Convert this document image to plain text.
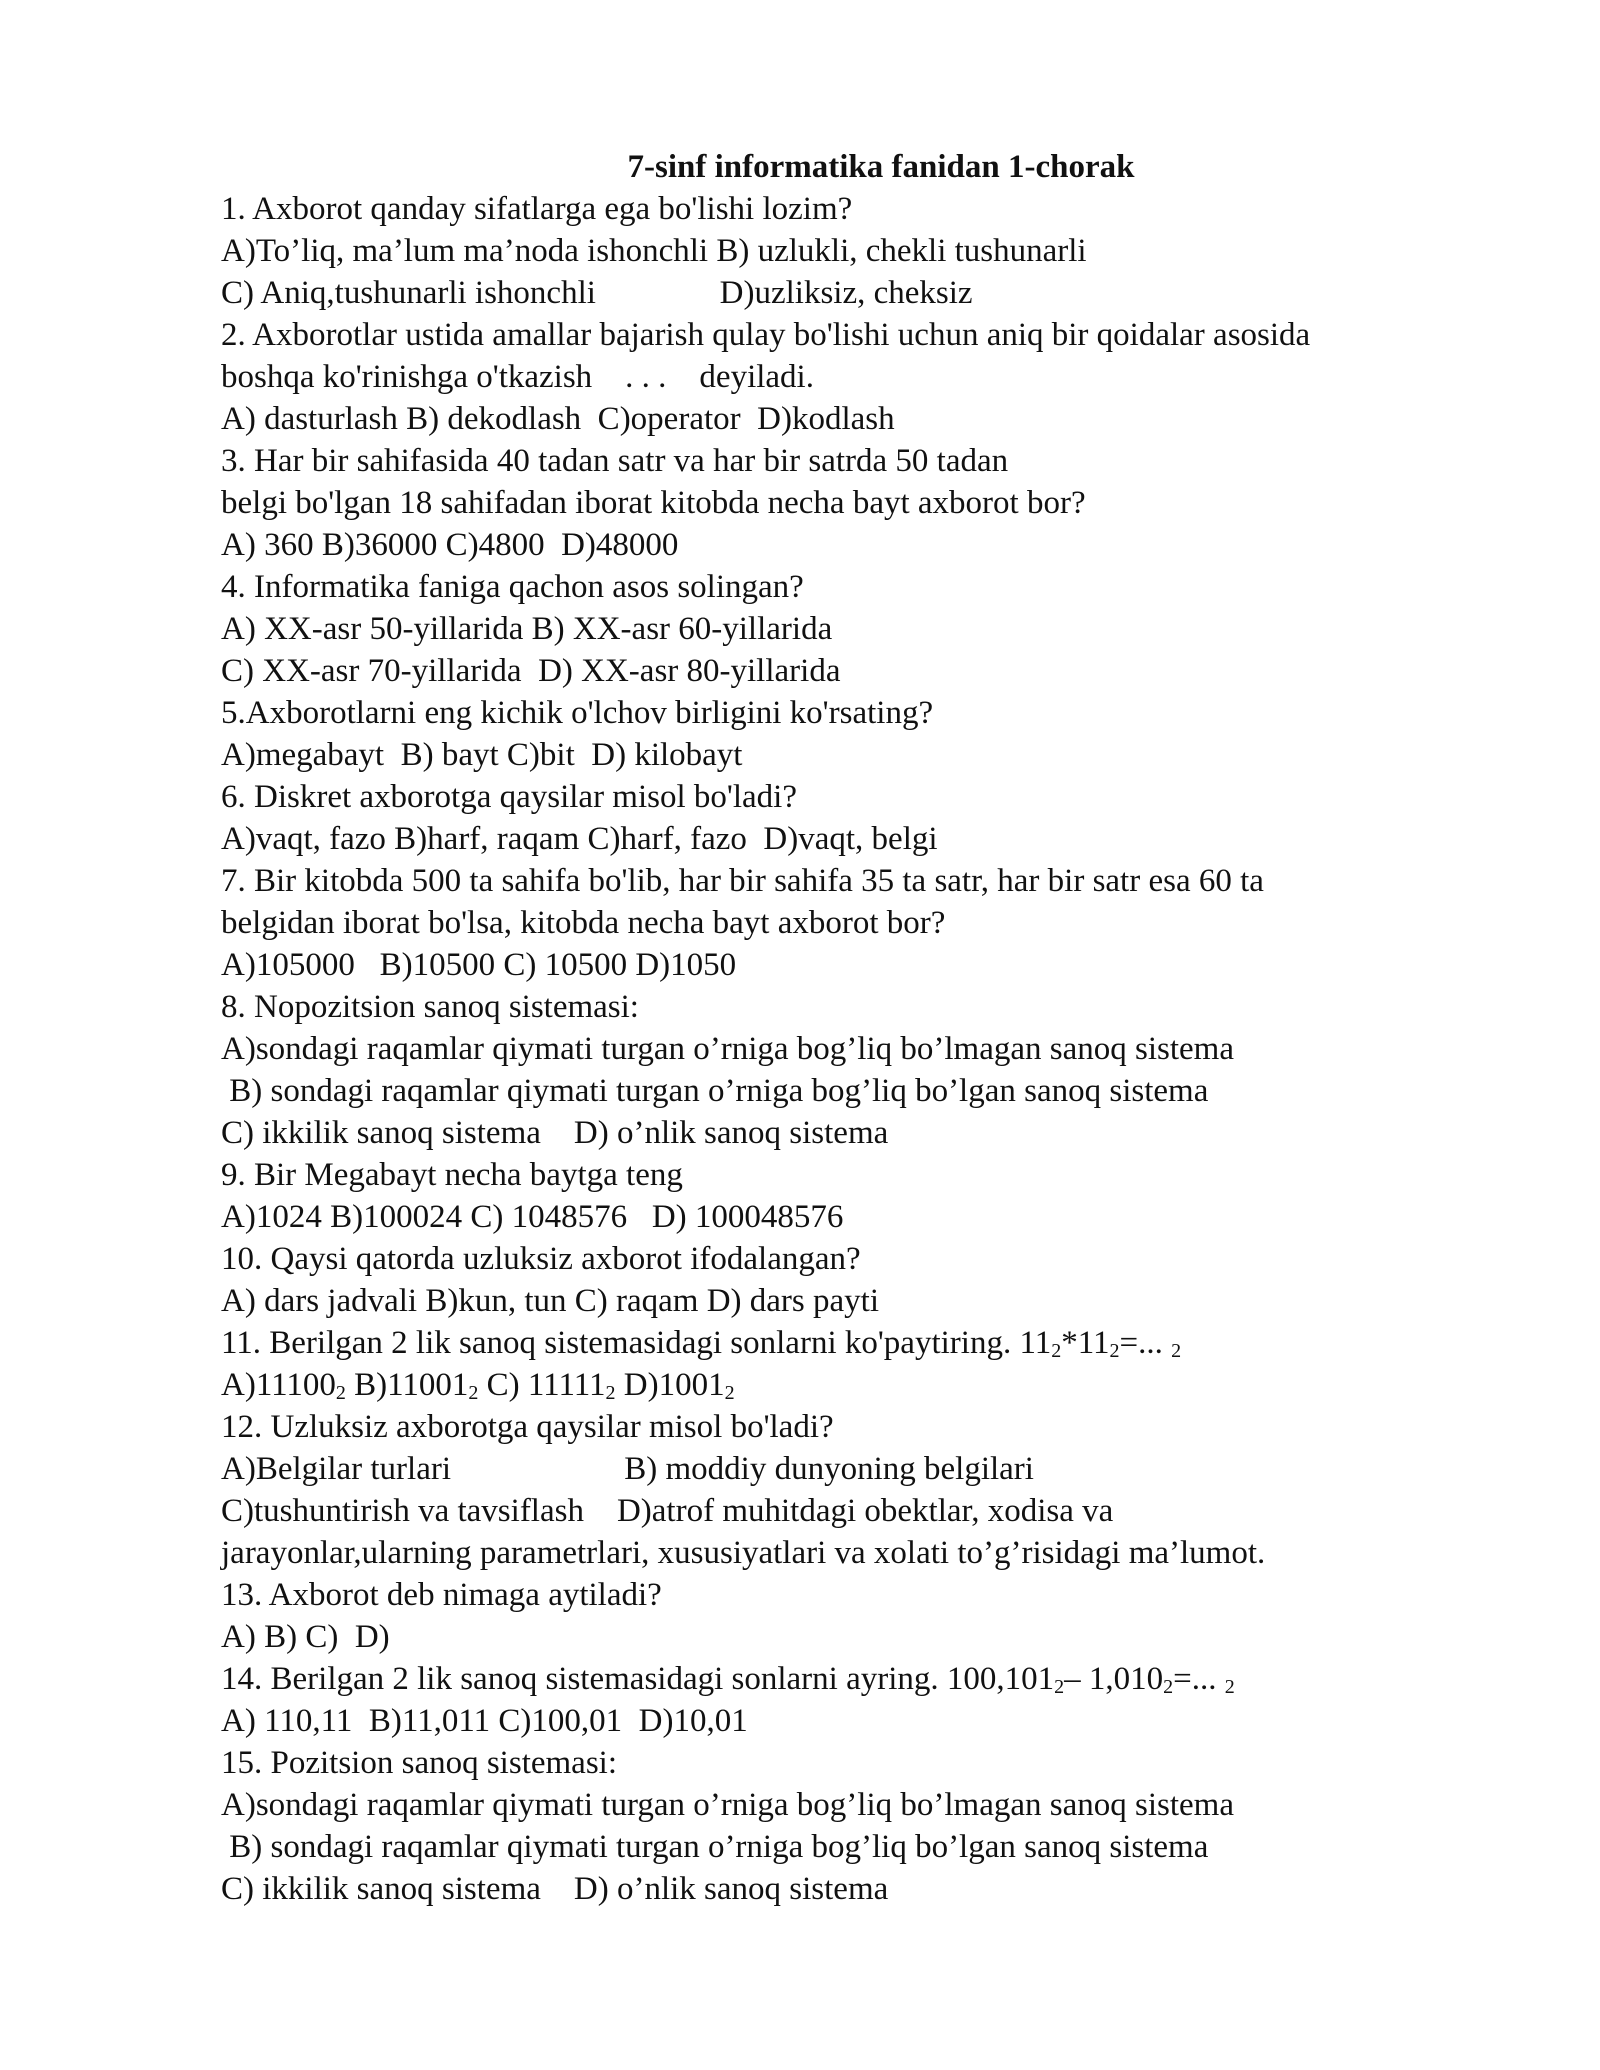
7-sinf informatika fanidan 1-chorak
1. Axborot qanday sifatlarga ega bo'lishi lozim?
A)To’liq, ma’lum ma’noda ishonchli B) uzlukli, chekli tushunarli
C) Aniq,tushunarli ishonchli               D)uzliksiz, cheksiz
2. Axborotlar ustida amallar bajarish qulay bo'lishi uchun aniq bir qoidalar asosida
boshqa ko'rinishga o'tkazish    . . .    deyiladi.
A) dasturlash B) dekodlash  C)operator  D)kodlash
3. Har bir sahifasida 40 tadan satr va har bir satrda 50 tadan
belgi bo'lgan 18 sahifadan iborat kitobda necha bayt axborot bor?
A) 360 B)36000 C)4800  D)48000
4. Informatika faniga qachon asos solingan?
A) XX-asr 50-yillarida B) XX-asr 60-yillarida
C) XX-asr 70-yillarida  D) XX-asr 80-yillarida
5.Axborotlarni eng kichik o'lchov birligini ko'rsating?
A)megabayt  B) bayt C)bit  D) kilobayt
6. Diskret axborotga qaysilar misol bo'ladi?
A)vaqt, fazo B)harf, raqam C)harf, fazo  D)vaqt, belgi
7. Bir kitobda 500 ta sahifa bo'lib, har bir sahifa 35 ta satr, har bir satr esa 60 ta
belgidan iborat bo'lsa, kitobda necha bayt axborot bor?
A)105000   B)10500 C) 10500 D)1050
8. Nopozitsion sanoq sistemasi:
A)sondagi raqamlar qiymati turgan o’rniga bog’liq bo’lmagan sanoq sistema
B) sondagi raqamlar qiymati turgan o’rniga bog’liq bo’lgan sanoq sistema
C) ikkilik sanoq sistema    D) o’nlik sanoq sistema
9. Bir Megabayt necha baytga teng
A)1024 B)100024 C) 1048576   D) 100048576
10. Qaysi qatorda uzluksiz axborot ifodalangan?
A) dars jadvali B)kun, tun C) raqam D) dars payti
11. Berilgan 2 lik sanoq sistemasidagi sonlarni ko'paytiring. $11_2*11_2=$... $_2$
$A)11100_2$ $B)11001_2$ C) $11111_2$ $D)1001_2$
12. Uzluksiz axborotga qaysilar misol bo'ladi?
A)Belgilar turlari                     B) moddiy dunyoning belgilari
C)tushuntirish va tavsiflash    D)atrof muhitdagi obektlar, xodisa va
jarayonlar,ularning parametrlari, xususiyatlari va xolati to’g’risidagi ma’lumot.
13. Axborot deb nimaga aytiladi?
A) B) C)  D)
14. Berilgan 2 lik sanoq sistemasidagi sonlarni ayring. $100,101_2-$ $1,010_2=$... $_2$
A) 110,11  B)11,011 C)100,01  D)10,01
15. Pozitsion sanoq sistemasi:
A)sondagi raqamlar qiymati turgan o’rniga bog’liq bo’lmagan sanoq sistema
B) sondagi raqamlar qiymati turgan o’rniga bog’liq bo’lgan sanoq sistema
C) ikkilik sanoq sistema    D) o’nlik sanoq sistema
